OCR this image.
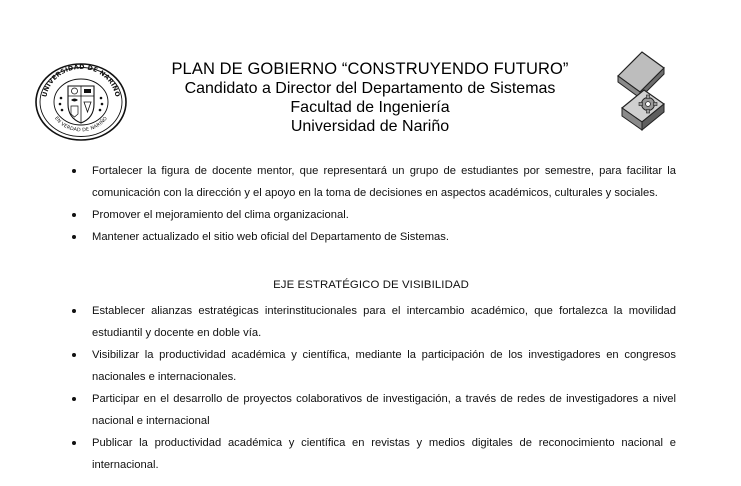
UNIVERSIDAD DE NARIÑO
EN VERDAD DE NARIÑO
PLAN DE GOBIERNO “CONSTRUYENDO FUTURO”
Candidato a Director del Departamento de Sistemas
Facultad de Ingeniería
Universidad de Nariño
Fortalecer la figura de docente mentor, que representará un grupo de estudiantes por semestre, para facilitar la comunicación con la dirección y el apoyo en la toma de decisiones en aspectos académicos, culturales y sociales.
Promover el mejoramiento del clima organizacional.
Mantener actualizado el sitio web oficial del Departamento de Sistemas.
EJE ESTRATÉGICO DE VISIBILIDAD
Establecer alianzas estratégicas interinstitucionales para el intercambio académico, que fortalezca la movilidad estudiantil y docente en doble vía.
Visibilizar la productividad académica y científica, mediante la participación de los investigadores en congresos nacionales e internacionales.
Participar en el desarrollo de proyectos colaborativos de investigación, a través de redes de investigadores a nivel nacional e internacional
Publicar la productividad académica y científica en revistas y medios digitales de reconocimiento nacional e internacional.
